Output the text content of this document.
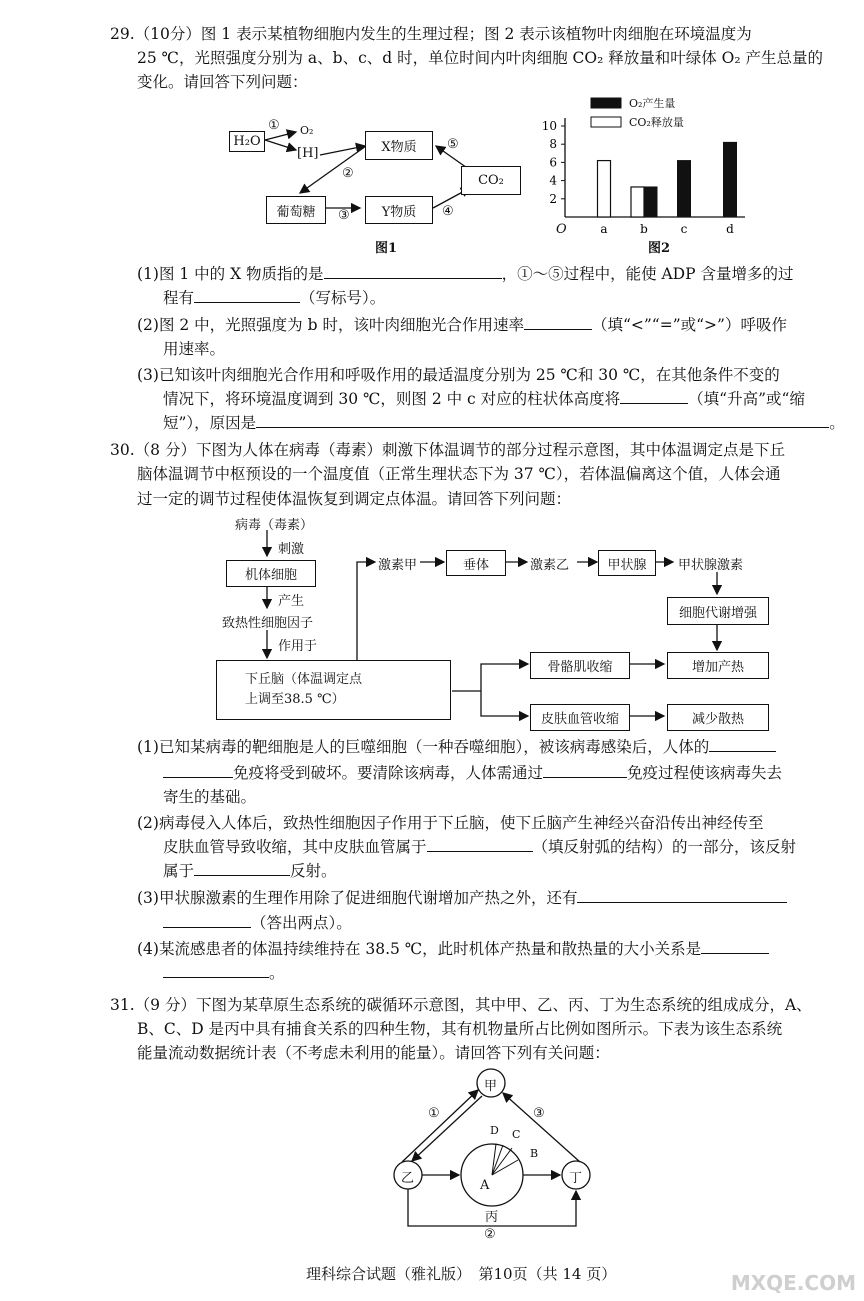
29.（10分）图 1 表示某植物细胞内发生的生理过程；图 2 表示该植物叶肉细胞在环境温度为
25 ℃，光照强度分别为 a、b、c、d 时，单位时间内叶肉细胞 CO₂ 释放量和叶绿体 O₂ 产生总量的
变化。请回答下列问题：
H₂O
① O₂
[H]	X物质	⑤
CO₂
②
葡萄糖	③	Y物质	④
图1
2
4
6
8
10
a	b	c	d
O₂产生量
CO₂释放量
O
图2
(1)图 1 中的 X 物质指的是	，①～⑤过程中，能使 ADP 含量增多的过
程有	（写标号）。
(2)图 2 中，光照强度为 b 时，该叶肉细胞光合作用速率	（填“<”“=”或“>”）呼吸作
用速率。
(3)已知该叶肉细胞光合作用和呼吸作用的最适温度分别为 25 ℃和 30 ℃，在其他条件不变的
情况下，将环境温度调到 30 ℃，则图 2 中 c 对应的柱状体高度将	（填“升高”或“缩
短”），原因是	。
30.（8 分）下图为人体在病毒（毒素）刺激下体温调节的部分过程示意图，其中体温调定点是下丘
脑体温调节中枢预设的一个温度值（正常生理状态下为 37 ℃），若体温偏离这个值，人体会通
过一定的调节过程使体温恢复到调定点体温。请回答下列问题：
病毒（毒素）
刺激
机体细胞
产生
致热性细胞因子
作用于
下丘脑（体温调定点
上调至38.5 ℃）
激素甲	垂体	激素乙	甲状腺	甲状腺激素
细胞代谢增强
骨骼肌收缩	增加产热
皮肤血管收缩	减少散热
(1)已知某病毒的靶细胞是人的巨噬细胞（一种吞噬细胞），被该病毒感染后，人体的
免疫将受到破坏。要清除该病毒，人体需通过	免疫过程使该病毒失去
寄生的基础。
(2)病毒侵入人体后，致热性细胞因子作用于下丘脑，使下丘脑产生神经兴奋沿传出神经传至
皮肤血管导致收缩，其中皮肤血管属于	（填反射弧的结构）的一部分，该反射
属于	反射。
(3)甲状腺激素的生理作用除了促进细胞代谢增加产热之外，还有
（答出两点）。
(4)某流感患者的体温持续维持在 38.5 ℃，此时机体产热量和散热量的大小关系是
。
31.（9 分）下图为某草原生态系统的碳循环示意图，其中甲、乙、丙、丁为生态系统的组成成分，A、
B、C、D 是丙中具有捕食关系的四种生物，其有机物量所占比例如图所示。下表为该生态系统
能量流动数据统计表（不考虑未利用的能量）。请回答下列有关问题：
甲
乙	丁
丙
A
B
C
D
①
②
③
理科综合试题（雅礼版）　第10页（共 14 页）	MXQE.COM
